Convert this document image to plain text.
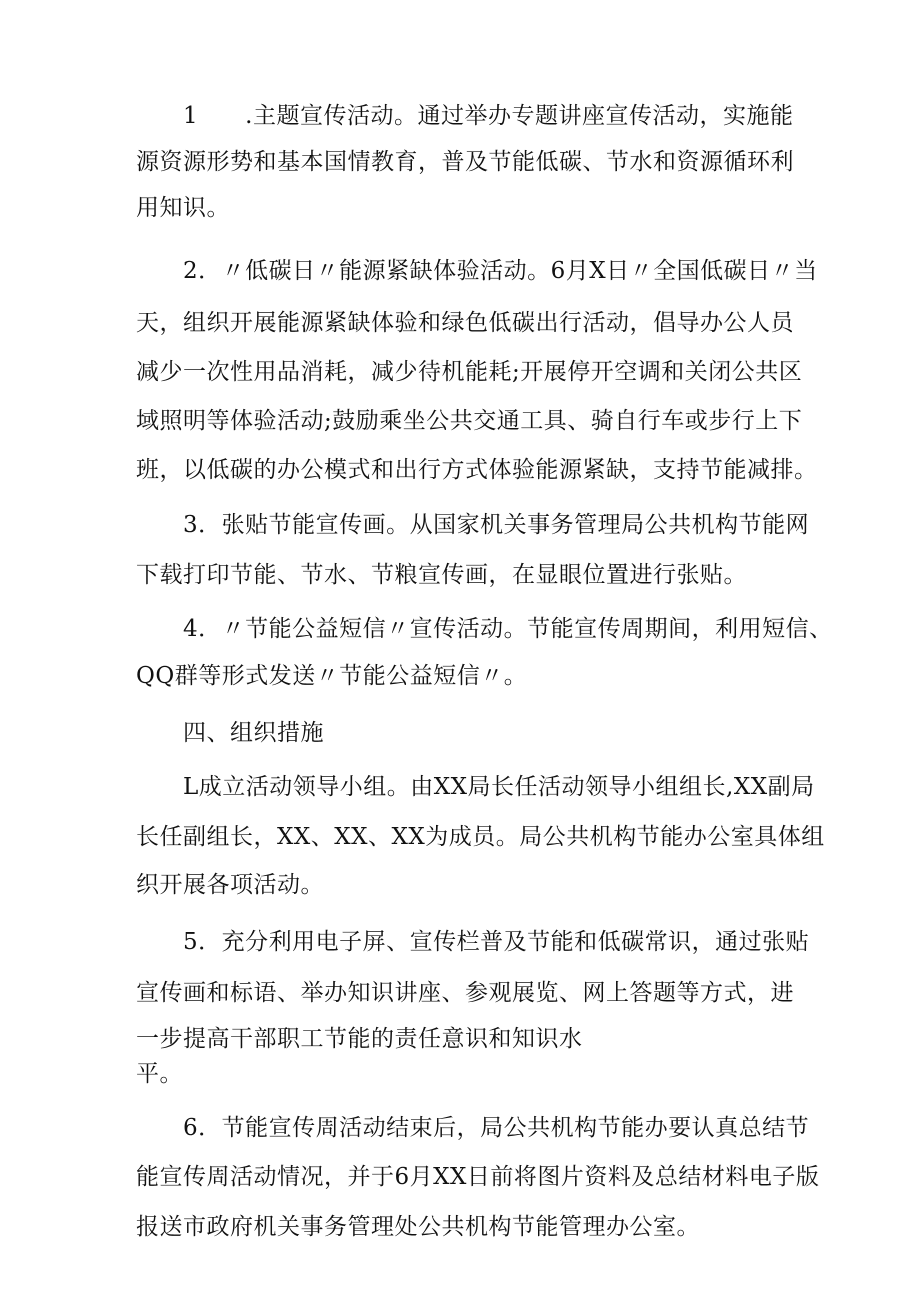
1　　.主题宣传活动。通过举办专题讲座宣传活动，实施能
源资源形势和基本国情教育，普及节能低碳、节水和资源循环利
用知识。
2．〃低碳日〃能源紧缺体验活动。6月X日〃全国低碳日〃当
天，组织开展能源紧缺体验和绿色低碳出行活动，倡导办公人员
减少一次性用品消耗，减少待机能耗;开展停开空调和关闭公共区
域照明等体验活动;鼓励乘坐公共交通工具、骑自行车或步行上下
班，以低碳的办公模式和出行方式体验能源紧缺，支持节能减排。
3．张贴节能宣传画。从国家机关事务管理局公共机构节能网
下载打印节能、节水、节粮宣传画，在显眼位置进行张贴。
4．〃节能公益短信〃宣传活动。节能宣传周期间，利用短信、
QQ群等形式发送〃节能公益短信〃。
四、组织措施
L成立活动领导小组。由XX局长任活动领导小组组长,XX副局
长任副组长，XX、XX、XX为成员。局公共机构节能办公室具体组
织开展各项活动。
5．充分利用电子屏、宣传栏普及节能和低碳常识，通过张贴
宣传画和标语、举办知识讲座、参观展览、网上答题等方式，进
一步提高干部职工节能的责任意识和知识水
平。
6．节能宣传周活动结束后，局公共机构节能办要认真总结节
能宣传周活动情况，并于6月XX日前将图片资料及总结材料电子版
报送市政府机关事务管理处公共机构节能管理办公室。
